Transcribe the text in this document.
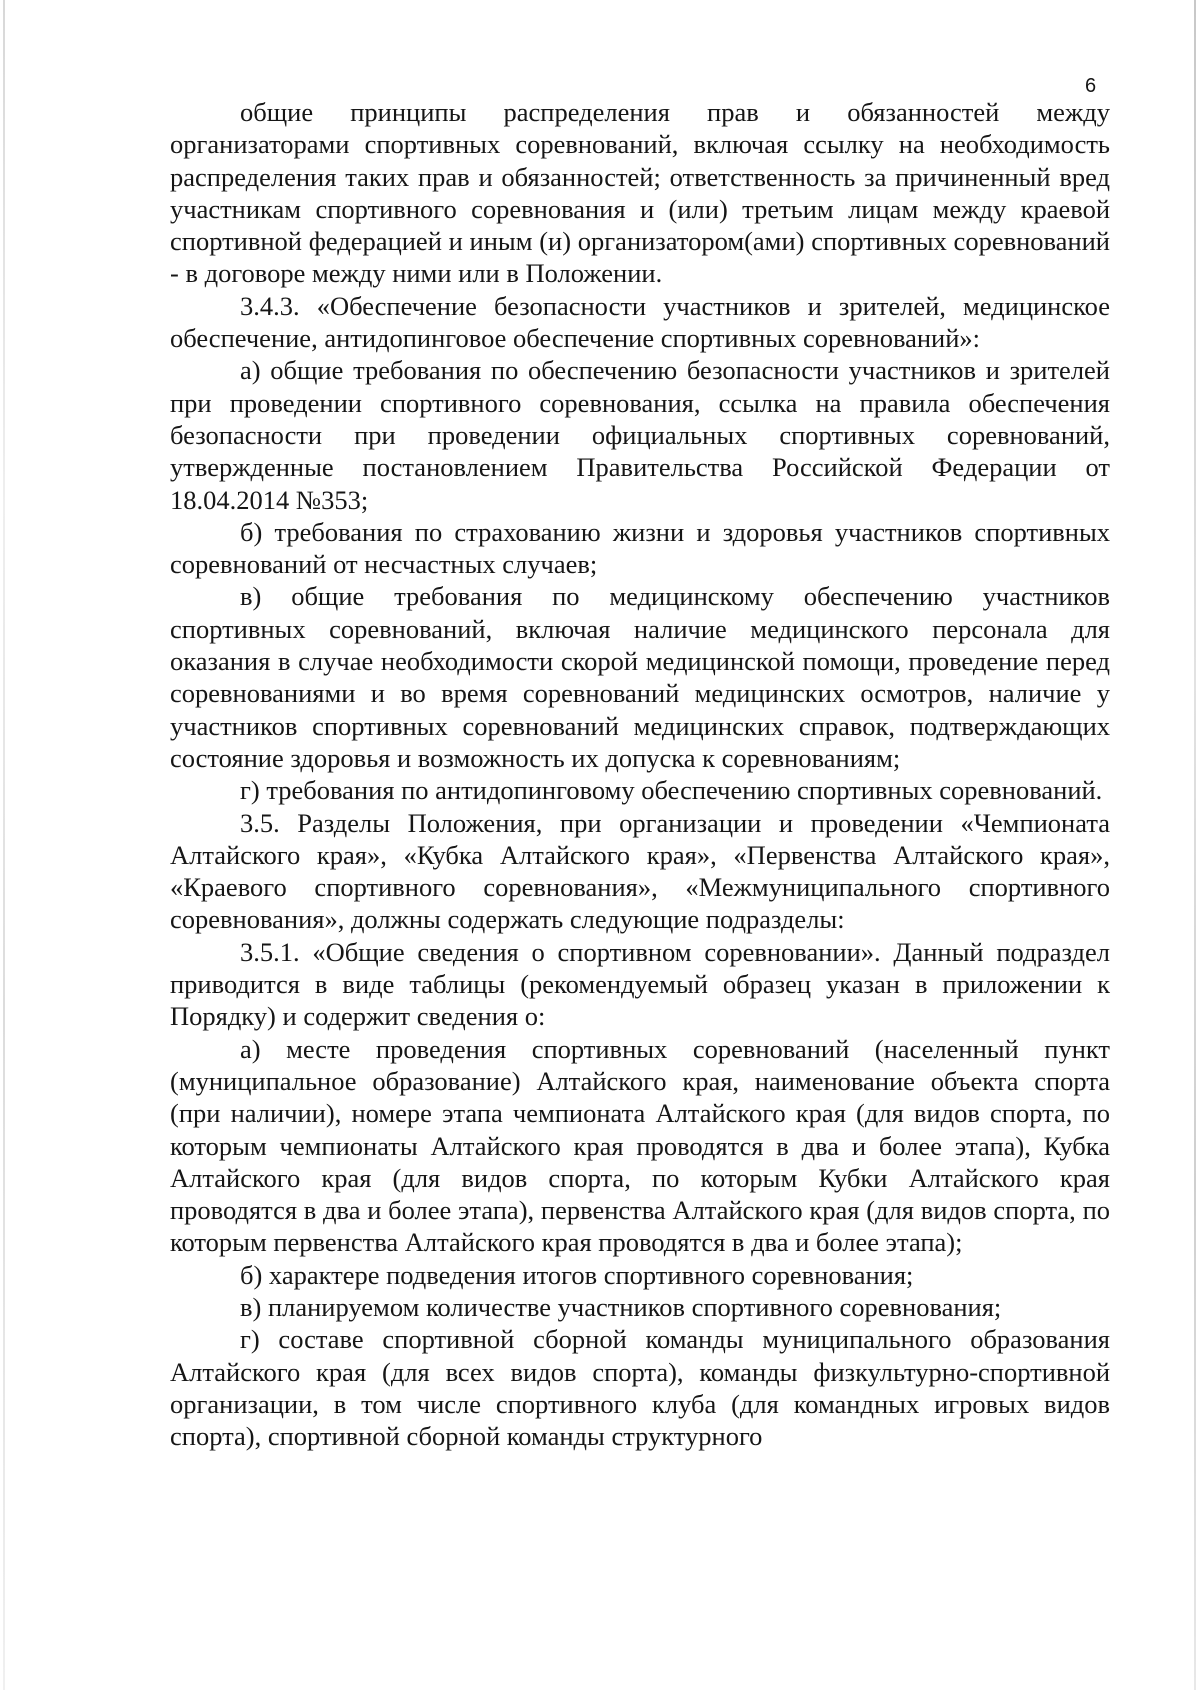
6

общие принципы распределения прав и обязанностей между организаторами спортивных соревнований, включая ссылку на необходимость распределения таких прав и обязанностей; ответственность за причиненный вред участникам спортивного соревнования и (или) третьим лицам между краевой спортивной федерацией и иным (и) организатором(ами) спортивных соревнований - в договоре между ними или в Положении.

3.4.3. «Обеспечение безопасности участников и зрителей, медицинское обеспечение, антидопинговое обеспечение спортивных соревнований»:

а) общие требования по обеспечению безопасности участников и зрителей при проведении спортивного соревнования, ссылка на правила обеспечения безопасности при проведении официальных спортивных соревнований, утвержденные постановлением Правительства Российской Федерации от 18.04.2014 №353;

б) требования по страхованию жизни и здоровья участников спортивных соревнований от несчастных случаев;

в) общие требования по медицинскому обеспечению участников спортивных соревнований, включая наличие медицинского персонала для оказания в случае необходимости скорой медицинской помощи, проведение перед соревнованиями и во время соревнований медицинских осмотров, наличие у участников спортивных соревнований медицинских справок, подтверждающих состояние здоровья и возможность их допуска к соревнованиям;

г) требования по антидопинговому обеспечению спортивных соревнований.

3.5. Разделы Положения, при организации и проведении «Чемпионата Алтайского края», «Кубка Алтайского края», «Первенства Алтайского края», «Краевого спортивного соревнования», «Межмуниципального спортивного соревнования», должны содержать следующие подразделы:

3.5.1. «Общие сведения о спортивном соревновании». Данный подраздел приводится в виде таблицы (рекомендуемый образец указан в приложении к Порядку) и содержит сведения о:

а) месте проведения спортивных соревнований (населенный пункт (муниципальное образование) Алтайского края, наименование объекта спорта (при наличии), номере этапа чемпионата Алтайского края (для видов спорта, по которым чемпионаты Алтайского края проводятся в два и более этапа), Кубка Алтайского края (для видов спорта, по которым Кубки Алтайского края проводятся в два и более этапа), первенства Алтайского края (для видов спорта, по которым первенства Алтайского края проводятся в два и более этапа);

б) характере подведения итогов спортивного соревнования;

в) планируемом количестве участников спортивного соревнования;

г) составе спортивной сборной команды муниципального образования Алтайского края (для всех видов спорта), команды физкультурно-спортивной организации, в том числе спортивного клуба (для командных игровых видов спорта), спортивной сборной команды структурного
